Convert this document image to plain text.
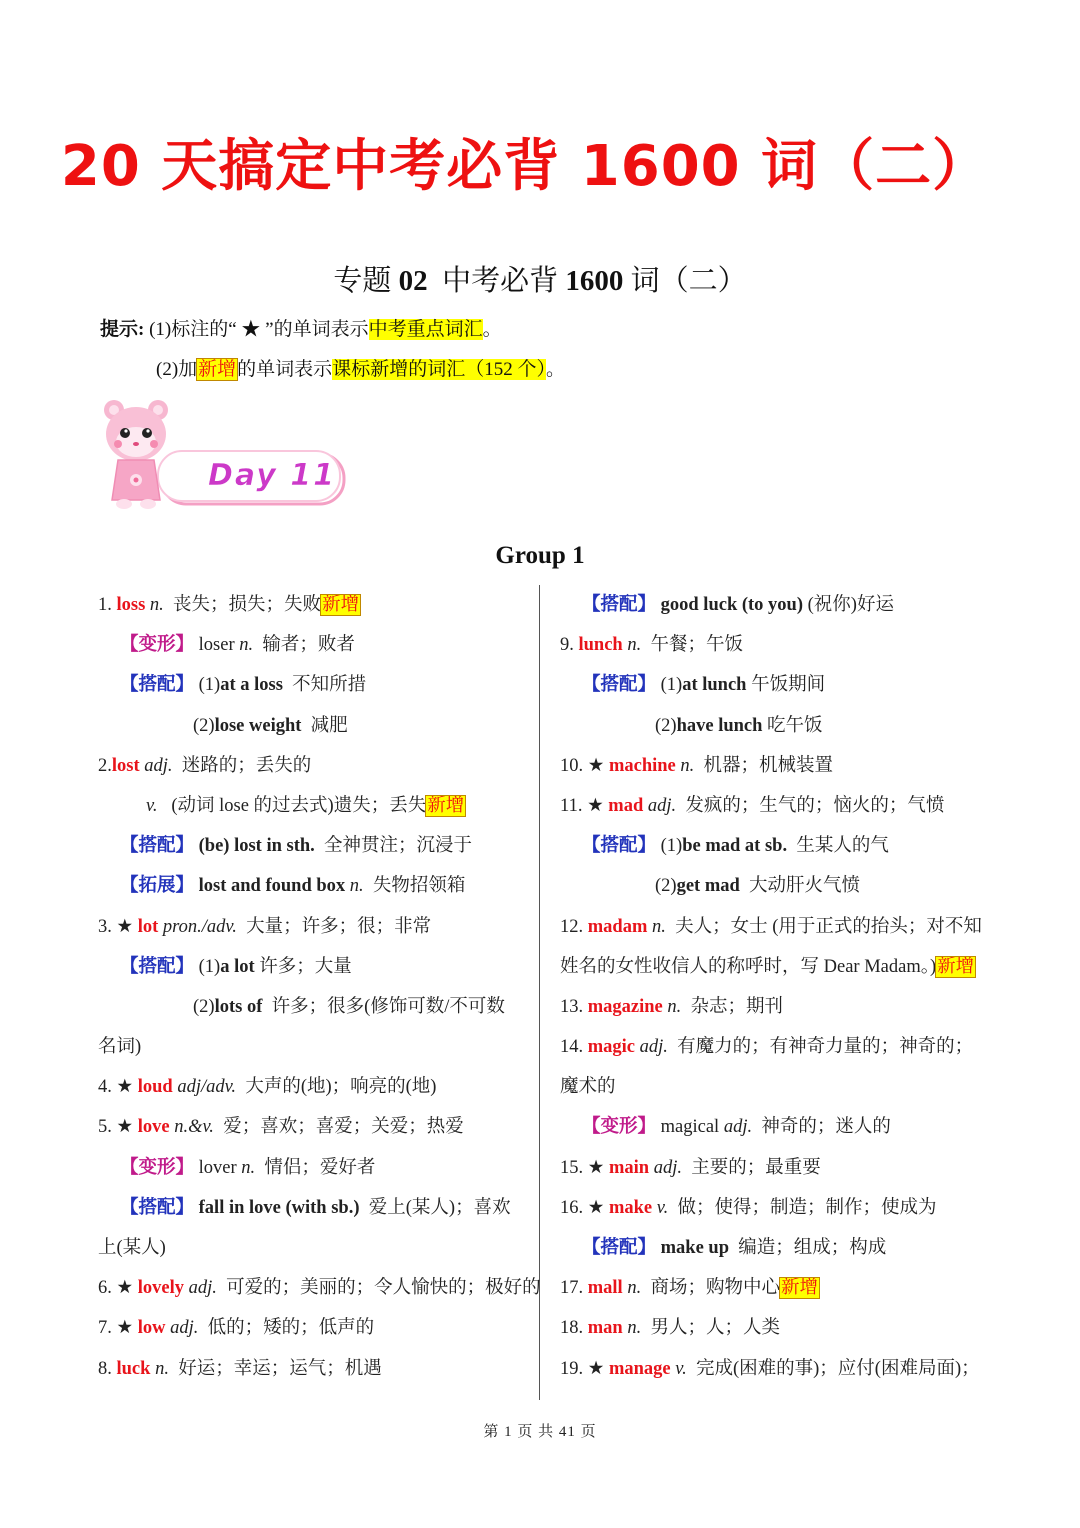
20 天搞定中考必背 1600 词（二）
专题 02 中考必背 1600 词（二）
提示: (1)标注的“ ★ ”的单词表示中考重点词汇。
(2)加新增的单词表示课标新增的词汇（152 个）。
Day 11
Group 1
1. loss n. 丧失；损失；失败新增
【变形】 loser n. 输者；败者
【搭配】 (1)at a loss 不知所措
(2)lose weight 减肥
2.lost adj. 迷路的；丢失的
v. (动词 lose 的过去式)遗失；丢失新增
【搭配】 (be) lost in sth. 全神贯注；沉浸于
【拓展】 lost and found box n. 失物招领箱
3. ★ lot pron./adv. 大量；许多；很；非常
【搭配】 (1)a lot 许多；大量
(2)lots of 许多；很多(修饰可数/不可数
名词)
4. ★ loud adj/adv. 大声的(地)；响亮的(地)
5. ★ love n.&v. 爱；喜欢；喜爱；关爱；热爱
【变形】 lover n. 情侣；爱好者
【搭配】 fall in love (with sb.) 爱上(某人)；喜欢
上(某人)
6. ★ lovely adj. 可爱的；美丽的；令人愉快的；极好的
7. ★ low adj. 低的；矮的；低声的
8. luck n. 好运；幸运；运气；机遇
【搭配】 good luck (to you) (祝你)好运
9. lunch n. 午餐；午饭
【搭配】 (1)at lunch 午饭期间
(2)have lunch 吃午饭
10. ★ machine n. 机器；机械装置
11. ★ mad adj. 发疯的；生气的；恼火的；气愤
【搭配】 (1)be mad at sb. 生某人的气
(2)get mad 大动肝火气愤
12. madam n. 夫人；女士 (用于正式的抬头；对不知
姓名的女性收信人的称呼时，写 Dear Madam。)新增
13. magazine n. 杂志；期刊
14. magic adj. 有魔力的；有神奇力量的；神奇的；
魔术的
【变形】 magical adj. 神奇的；迷人的
15. ★ main adj. 主要的；最重要
16. ★ make v. 做；使得；制造；制作；使成为
【搭配】 make up 编造；组成；构成
17. mall n. 商场；购物中心新增
18. man n. 男人；人；人类
19. ★ manage v. 完成(困难的事)；应付(困难局面)；
第 1 页 共 41 页
